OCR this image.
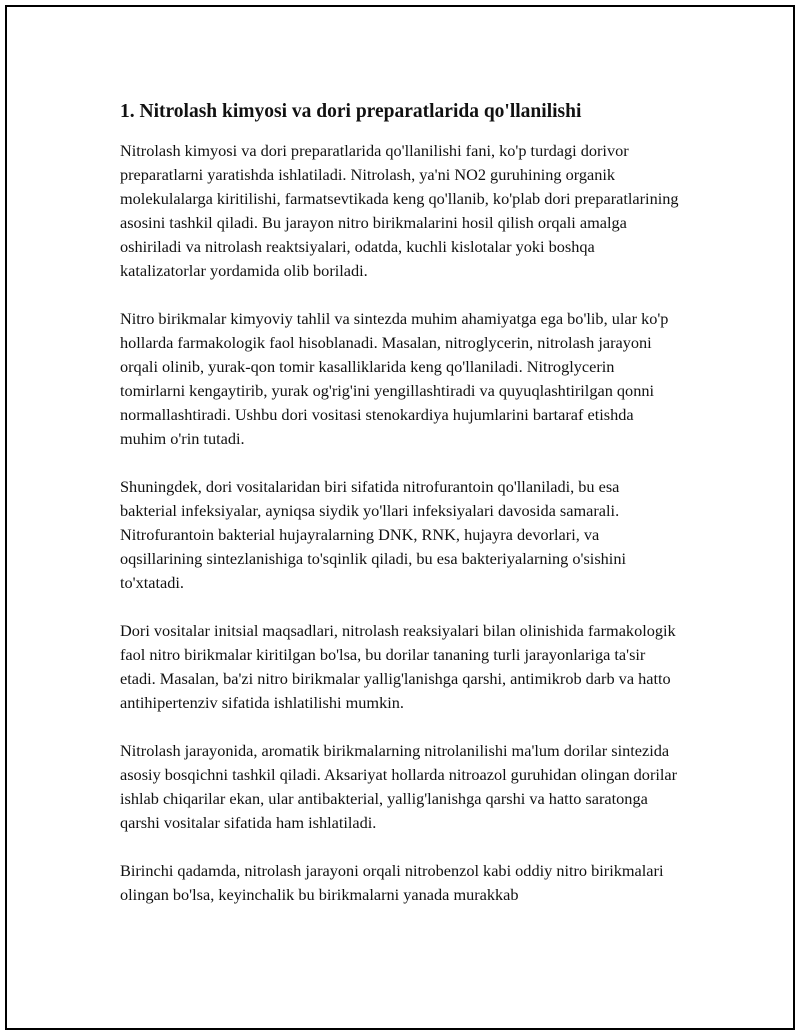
1. Nitrolash kimyosi va dori preparatlarida qo'llanilishi

Nitrolash kimyosi va dori preparatlarida qo'llanilishi fani, ko'p turdagi dorivor preparatlarni yaratishda ishlatiladi. Nitrolash, ya'ni NO2 guruhining organik molekulalarga kiritilishi, farmatsevtikada keng qo'llanib, ko'plab dori preparatlarining asosini tashkil qiladi. Bu jarayon nitro birikmalarini hosil qilish orqali amalga oshiriladi va nitrolash reaktsiyalari, odatda, kuchli kislotalar yoki boshqa katalizatorlar yordamida olib boriladi.

Nitro birikmalar kimyoviy tahlil va sintezda muhim ahamiyatga ega bo'lib, ular ko'p hollarda farmakologik faol hisoblanadi. Masalan, nitroglycerin, nitrolash jarayoni orqali olinib, yurak-qon tomir kasalliklarida keng qo'llaniladi. Nitroglycerin tomirlarni kengaytirib, yurak og'rig'ini yengillashtiradi va quyuqlashtirilgan qonni normallashtiradi. Ushbu dori vositasi stenokardiya hujumlarini bartaraf etishda muhim o'rin tutadi.

Shuningdek, dori vositalaridan biri sifatida nitrofurantoin qo'llaniladi, bu esa bakterial infeksiyalar, ayniqsa siydik yo'llari infeksiyalari davosida samarali. Nitrofurantoin bakterial hujayralarning DNK, RNK, hujayra devorlari, va oqsillarining sintezlanishiga to'sqinlik qiladi, bu esa bakteriyalarning o'sishini to'xtatadi.

Dori vositalar initsial maqsadlari, nitrolash reaksiyalari bilan olinishida farmakologik faol nitro birikmalar kiritilgan bo'lsa, bu dorilar tananing turli jarayonlariga ta'sir etadi. Masalan, ba'zi nitro birikmalar yallig'lanishga qarshi, antimikrob darb va hatto antihipertenziv sifatida ishlatilishi mumkin.

Nitrolash jarayonida, aromatik birikmalarning nitrolanilishi ma'lum dorilar sintezida asosiy bosqichni tashkil qiladi. Aksariyat hollarda nitroazol guruhidan olingan dorilar ishlab chiqarilar ekan, ular antibakterial, yallig'lanishga qarshi va hatto saratonga qarshi vositalar sifatida ham ishlatiladi.

Birinchi qadamda, nitrolash jarayoni orqali nitrobenzol kabi oddiy nitro birikmalari olingan bo'lsa, keyinchalik bu birikmalarni yanada murakkab
